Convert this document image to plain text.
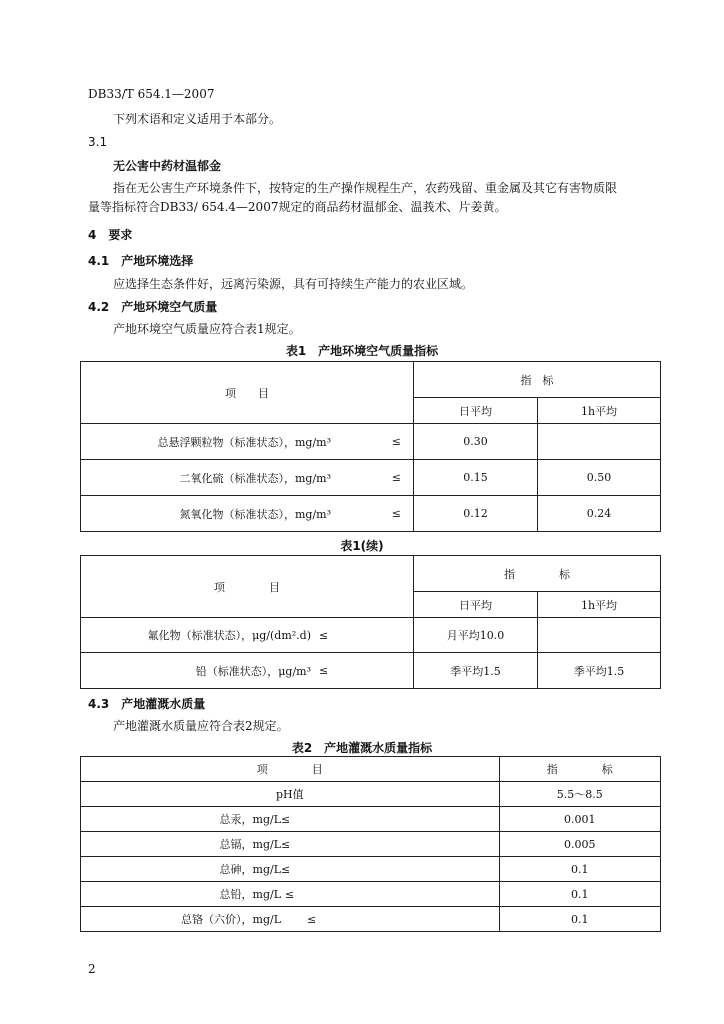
DB33/T 654.1—2007
下列术语和定义适用于本部分。
3.1
无公害中药材温郁金
指在无公害生产环境条件下，按特定的生产操作规程生产，农药残留、重金属及其它有害物质限
量等指标符合DB33/ 654.4—2007规定的商品药材温郁金、温莪术、片姜黄。
4　要求
4.1　产地环境选择
应选择生态条件好，远离污染源，具有可持续生产能力的农业区域。
4.2　产地环境空气质量
产地环境空气质量应符合表1规定。
表1　产地环境空气质量指标
项　　目		指　标	
		日平均	1h平均
总悬浮颗粒物（标准状态），mg/m³	≤	0.30	
二氧化硫（标准状态），mg/m³	≤	0.15	0.50
氮氧化物（标准状态），mg/m³	≤	0.12	0.24
表1(续)
项　　　　目		指　　　　标	
		日平均	1h平均
氟化物（标准状态），μg/(dm².d)	≤	月平均10.0	
铅（标准状态），μg/m³	≤	季平均1.5	季平均1.5
4.3　产地灌溉水质量
产地灌溉水质量应符合表2规定。
表2　产地灌溉水质量指标
项　　　　目		指　　　　标
pH值		5.5～8.5
总汞，mg/L	≤	0.001
总镉，mg/L	≤	0.005
总砷，mg/L	≤	0.1
总铅，mg/L	≤	0.1
总铬（六价），mg/L	≤	0.1
2
